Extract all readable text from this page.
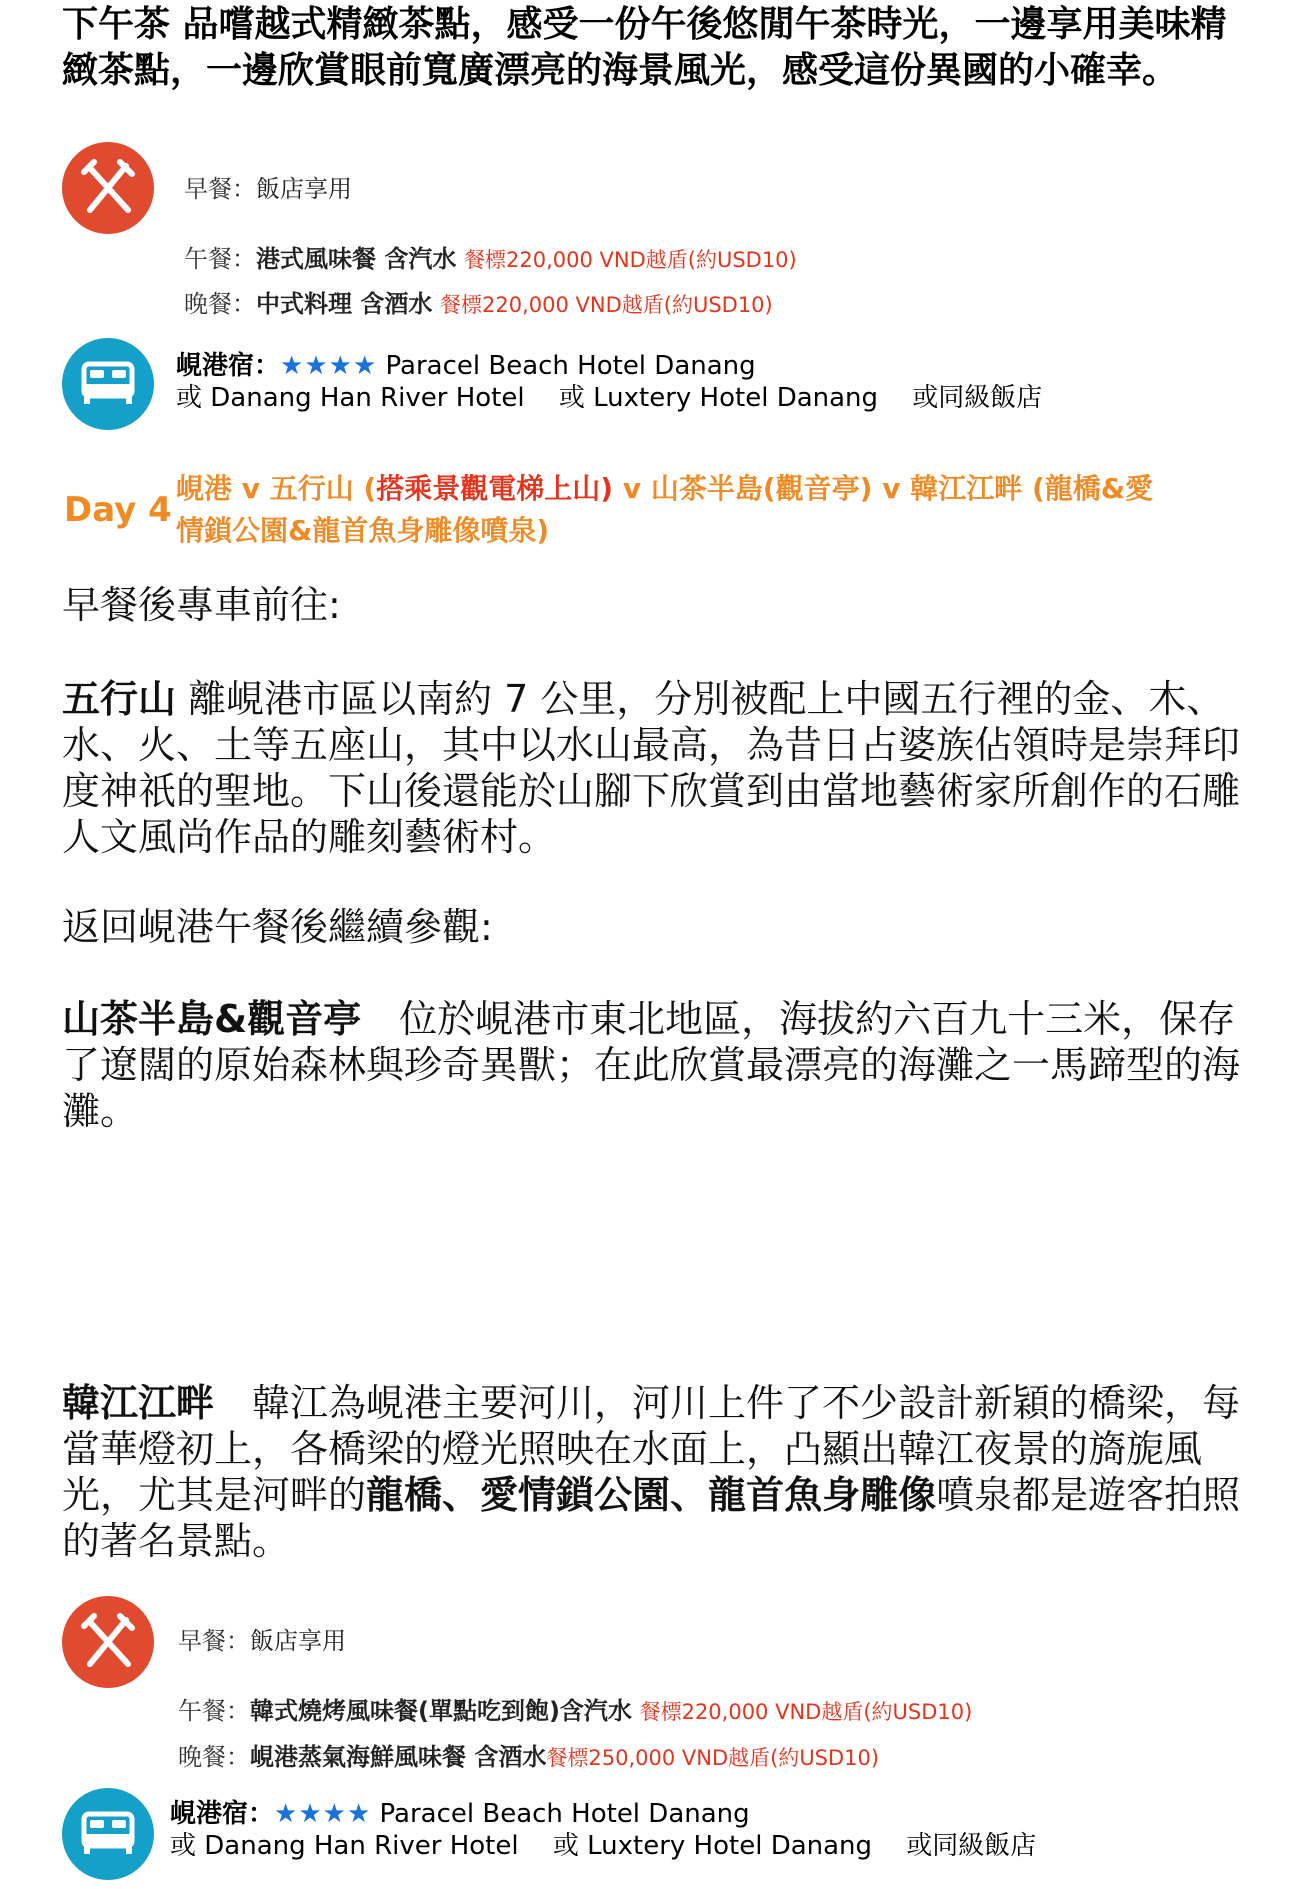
下午茶 品嚐越式精緻茶點，感受一份午後悠閒午茶時光，一邊享用美味精緻茶點，一邊欣賞眼前寬廣漂亮的海景風光，感受這份異國的小確幸。
早餐：飯店享用
午餐：港式風味餐 含汽水 餐標220,000 VND越盾(約USD10)
晚餐：中式料理 含酒水 餐標220,000 VND越盾(約USD10)
峴港宿：★★★★ Paracel Beach Hotel Danang
或 Danang Han River Hotel　 或 Luxtery Hotel Danang　 或同級飯店
Day 4
峴港 v 五行山 (搭乘景觀電梯上山) v 山茶半島(觀音亭) v 韓江江畔 (龍橋&愛情鎖公園&龍首魚身雕像噴泉)
早餐後專車前往:
五行山 離峴港市區以南約 7 公里，分別被配上中國五行裡的金、木、水、火、土等五座山，其中以水山最高，為昔日占婆族佔領時是崇拜印度神祇的聖地。下山後還能於山腳下欣賞到由當地藝術家所創作的石雕人文風尚作品的雕刻藝術村。
返回峴港午餐後繼續參觀:
山茶半島&觀音亭　位於峴港市東北地區，海拔約六百九十三米，保存了遼闊的原始森林與珍奇異獸；在此欣賞最漂亮的海灘之一馬蹄型的海灘。
韓江江畔　韓江為峴港主要河川，河川上件了不少設計新穎的橋梁，每當華燈初上，各橋梁的燈光照映在水面上，凸顯出韓江夜景的旖旎風光，尤其是河畔的龍橋、愛情鎖公園、龍首魚身雕像噴泉都是遊客拍照的著名景點。
早餐：飯店享用
午餐：韓式燒烤風味餐(單點吃到飽)含汽水 餐標220,000 VND越盾(約USD10)
晚餐：峴港蒸氣海鮮風味餐 含酒水餐標250,000 VND越盾(約USD10)
峴港宿：★★★★ Paracel Beach Hotel Danang
或 Danang Han River Hotel　 或 Luxtery Hotel Danang　 或同級飯店
